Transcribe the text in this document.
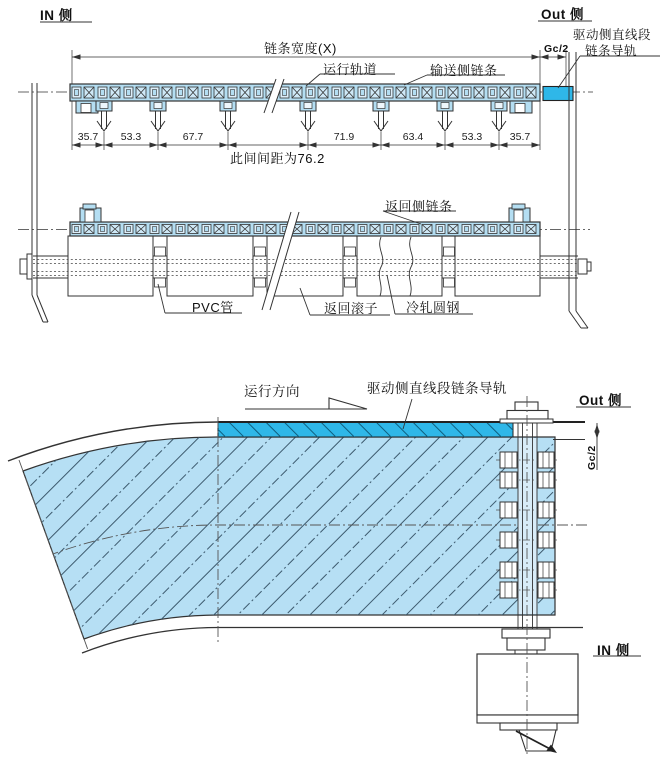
IN 侧	Out 侧
驱动侧直线段
链条导轨
链条宽度(X)	Gc/2
运行轨道	输送侧链条
35.7	53.3	67.7	71.9	63.4	53.3	35.7
此间间距为76.2
返回侧链条
PVC管	返回滚子 冷轧圆钢
运行方向	驱动侧直线段链条导轨
Out 侧
Gc/2
IN 侧
